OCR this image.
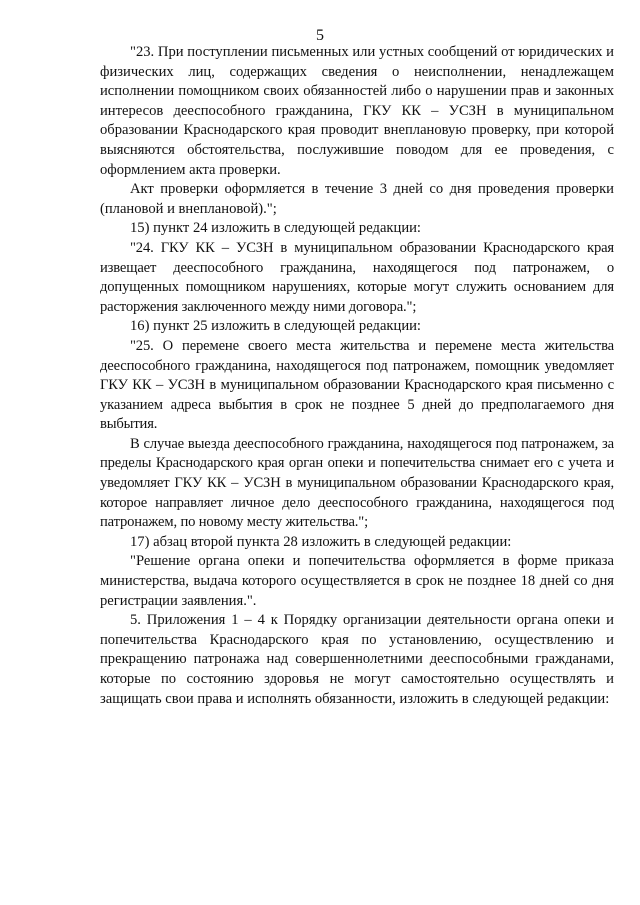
5

"23. При поступлении письменных или устных сообщений от юридических и физических лиц, содержащих сведения о неисполнении, ненадлежащем исполнении помощником своих обязанностей либо о нарушении прав и законных интересов дееспособного гражданина, ГКУ КК – УСЗН в муниципальном образовании Краснодарского края проводит внеплановую проверку, при которой выясняются обстоятельства, послужившие поводом для ее проведения, с оформлением акта проверки.

Акт проверки оформляется в течение 3 дней со дня проведения проверки (плановой и внеплановой).";

15) пункт 24 изложить в следующей редакции:

"24. ГКУ КК – УСЗН в муниципальном образовании Краснодарского края извещает дееспособного гражданина, находящегося под патронажем, о допущенных помощником нарушениях, которые могут служить основанием для расторжения заключенного между ними договора.";

16) пункт 25 изложить в следующей редакции:

"25. О перемене своего места жительства и перемене места жительства дееспособного гражданина, находящегося под патронажем, помощник уведомляет ГКУ КК – УСЗН в муниципальном образовании Краснодарского края письменно с указанием адреса выбытия в срок не позднее 5 дней до предполагаемого дня выбытия.

В случае выезда дееспособного гражданина, находящегося под патронажем, за пределы Краснодарского края орган опеки и попечительства снимает его с учета и уведомляет ГКУ КК – УСЗН в муниципальном образовании Краснодарского края, которое направляет личное дело дееспособного гражданина, находящегося под патронажем, по новому месту жительства.";

17) абзац второй пункта 28 изложить в следующей редакции:

"Решение органа опеки и попечительства оформляется в форме приказа министерства, выдача которого осуществляется в срок не позднее 18 дней со дня регистрации заявления.".

5. Приложения 1 – 4 к Порядку организации деятельности органа опеки и попечительства Краснодарского края по установлению, осуществлению и прекращению патронажа над совершеннолетними дееспособными гражданами, которые по состоянию здоровья не могут самостоятельно осуществлять и защищать свои права и исполнять обязанности, изложить в следующей редакции:
